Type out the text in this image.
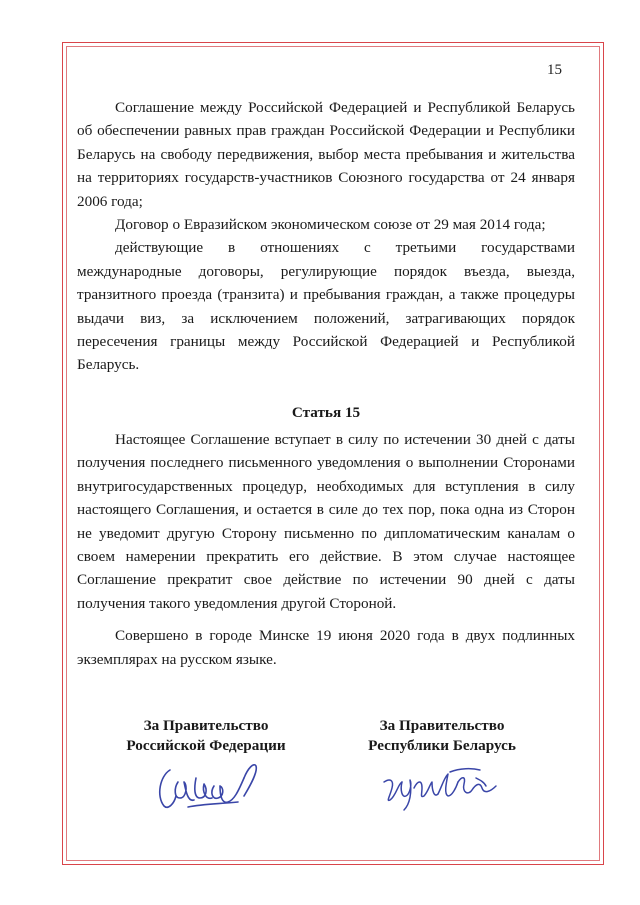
15

Соглашение между Российской Федерацией и Республикой Беларусь об обеспечении равных прав граждан Российской Федерации и Республики Беларусь на свободу передвижения, выбор места пребывания и жительства на территориях государств-участников Союзного государства от 24 января 2006 года;

Договор о Евразийском экономическом союзе от 29 мая 2014 года;

действующие в отношениях с третьими государствами международные договоры, регулирующие порядок въезда, выезда, транзитного проезда (транзита) и пребывания граждан, а также процедуры выдачи виз, за исключением положений, затрагивающих порядок пересечения границы между Российской Федерацией и Республикой Беларусь.

Статья 15

Настоящее Соглашение вступает в силу по истечении 30 дней с даты получения последнего письменного уведомления о выполнении Сторонами внутригосударственных процедур, необходимых для вступления в силу настоящего Соглашения, и остается в силе до тех пор, пока одна из Сторон не уведомит другую Сторону письменно по дипломатическим каналам о своем намерении прекратить его действие. В этом случае настоящее Соглашение прекратит свое действие по истечении 90 дней с даты получения такого уведомления другой Стороной.

Совершено в городе Минске 19 июня 2020 года в двух подлинных экземплярах на русском языке.

За Правительство
Российской Федерации
За Правительство
Республики Беларусь
